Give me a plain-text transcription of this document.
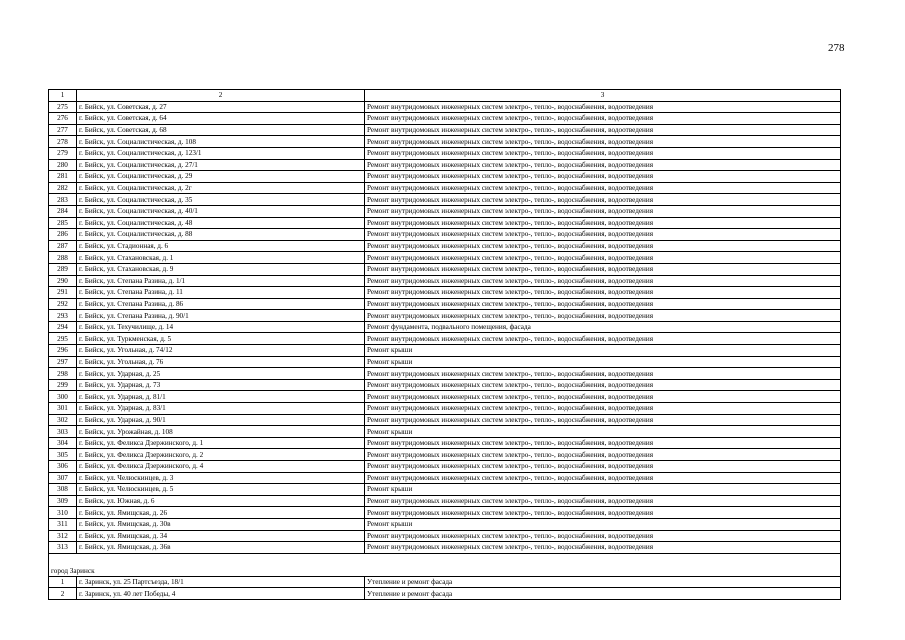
278
1	2	3
275	г. Бийск, ул. Советская, д. 27	Ремонт внутридомовых инженерных систем электро-, тепло-, водоснабжения, водоотведения
276	г. Бийск, ул. Советская, д. 64	Ремонт внутридомовых инженерных систем электро-, тепло-, водоснабжения, водоотведения
277	г. Бийск, ул. Советская, д. 68	Ремонт внутридомовых инженерных систем электро-, тепло-, водоснабжения, водоотведения
278	г. Бийск, ул. Социалистическая, д. 108	Ремонт внутридомовых инженерных систем электро-, тепло-, водоснабжения, водоотведения
279	г. Бийск, ул. Социалистическая, д. 123/1	Ремонт внутридомовых инженерных систем электро-, тепло-, водоснабжения, водоотведения
280	г. Бийск, ул. Социалистическая, д. 27/1	Ремонт внутридомовых инженерных систем электро-, тепло-, водоснабжения, водоотведения
281	г. Бийск, ул. Социалистическая, д. 29	Ремонт внутридомовых инженерных систем электро-, тепло-, водоснабжения, водоотведения
282	г. Бийск, ул. Социалистическая, д. 2г	Ремонт внутридомовых инженерных систем электро-, тепло-, водоснабжения, водоотведения
283	г. Бийск, ул. Социалистическая, д. 35	Ремонт внутридомовых инженерных систем электро-, тепло-, водоснабжения, водоотведения
284	г. Бийск, ул. Социалистическая, д. 40/1	Ремонт внутридомовых инженерных систем электро-, тепло-, водоснабжения, водоотведения
285	г. Бийск, ул. Социалистическая, д. 48	Ремонт внутридомовых инженерных систем электро-, тепло-, водоснабжения, водоотведения
286	г. Бийск, ул. Социалистическая, д. 88	Ремонт внутридомовых инженерных систем электро-, тепло-, водоснабжения, водоотведения
287	г. Бийск, ул. Стадионная, д. 6	Ремонт внутридомовых инженерных систем электро-, тепло-, водоснабжения, водоотведения
288	г. Бийск, ул. Стахановская, д. 1	Ремонт внутридомовых инженерных систем электро-, тепло-, водоснабжения, водоотведения
289	г. Бийск, ул. Стахановская, д. 9	Ремонт внутридомовых инженерных систем электро-, тепло-, водоснабжения, водоотведения
290	г. Бийск, ул. Степана Разина, д. 1/1	Ремонт внутридомовых инженерных систем электро-, тепло-, водоснабжения, водоотведения
291	г. Бийск, ул. Степана Разина, д. 11	Ремонт внутридомовых инженерных систем электро-, тепло-, водоснабжения, водоотведения
292	г. Бийск, ул. Степана Разина, д. 86	Ремонт внутридомовых инженерных систем электро-, тепло-, водоснабжения, водоотведения
293	г. Бийск, ул. Степана Разина, д. 90/1	Ремонт внутридомовых инженерных систем электро-, тепло-, водоснабжения, водоотведения
294	г. Бийск, ул. Техучилище, д. 14	Ремонт фундамента, подвального помещения, фасада
295	г. Бийск, ул. Туркменская, д. 5	Ремонт внутридомовых инженерных систем электро-, тепло-, водоснабжения, водоотведения
296	г. Бийск, ул. Угольная, д. 74/12	Ремонт крыши
297	г. Бийск, ул. Угольная, д. 76	Ремонт крыши
298	г. Бийск, ул. Ударная, д. 25	Ремонт внутридомовых инженерных систем электро-, тепло-, водоснабжения, водоотведения
299	г. Бийск, ул. Ударная, д. 73	Ремонт внутридомовых инженерных систем электро-, тепло-, водоснабжения, водоотведения
300	г. Бийск, ул. Ударная, д. 81/1	Ремонт внутридомовых инженерных систем электро-, тепло-, водоснабжения, водоотведения
301	г. Бийск, ул. Ударная, д. 83/1	Ремонт внутридомовых инженерных систем электро-, тепло-, водоснабжения, водоотведения
302	г. Бийск, ул. Ударная, д. 90/1	Ремонт внутридомовых инженерных систем электро-, тепло-, водоснабжения, водоотведения
303	г. Бийск, ул. Урожайная, д. 108	Ремонт крыши
304	г. Бийск, ул. Феликса Дзержинского, д. 1	Ремонт внутридомовых инженерных систем электро-, тепло-, водоснабжения, водоотведения
305	г. Бийск, ул. Феликса Дзержинского, д. 2	Ремонт внутридомовых инженерных систем электро-, тепло-, водоснабжения, водоотведения
306	г. Бийск, ул. Феликса Дзержинского, д. 4	Ремонт внутридомовых инженерных систем электро-, тепло-, водоснабжения, водоотведения
307	г. Бийск, ул. Челюскинцев, д. 3	Ремонт внутридомовых инженерных систем электро-, тепло-, водоснабжения, водоотведения
308	г. Бийск, ул. Челюскинцев, д. 5	Ремонт крыши
309	г. Бийск, ул. Южная, д. 6	Ремонт внутридомовых инженерных систем электро-, тепло-, водоснабжения, водоотведения
310	г. Бийск, ул. Ямищская, д. 26	Ремонт внутридомовых инженерных систем электро-, тепло-, водоснабжения, водоотведения
311	г. Бийск, ул. Ямищская, д. 30в	Ремонт крыши
312	г. Бийск, ул. Ямищская, д. 34	Ремонт внутридомовых инженерных систем электро-, тепло-, водоснабжения, водоотведения
313	г. Бийск, ул. Ямищская, д. 36в	Ремонт внутридомовых инженерных систем электро-, тепло-, водоснабжения, водоотведения
город Заринск		
1	г. Заринск, ул. 25 Партсъезда, 18/1	Утепление и ремонт фасада
2	г. Заринск, ул. 40 лет Победы, 4	Утепление и ремонт фасада
